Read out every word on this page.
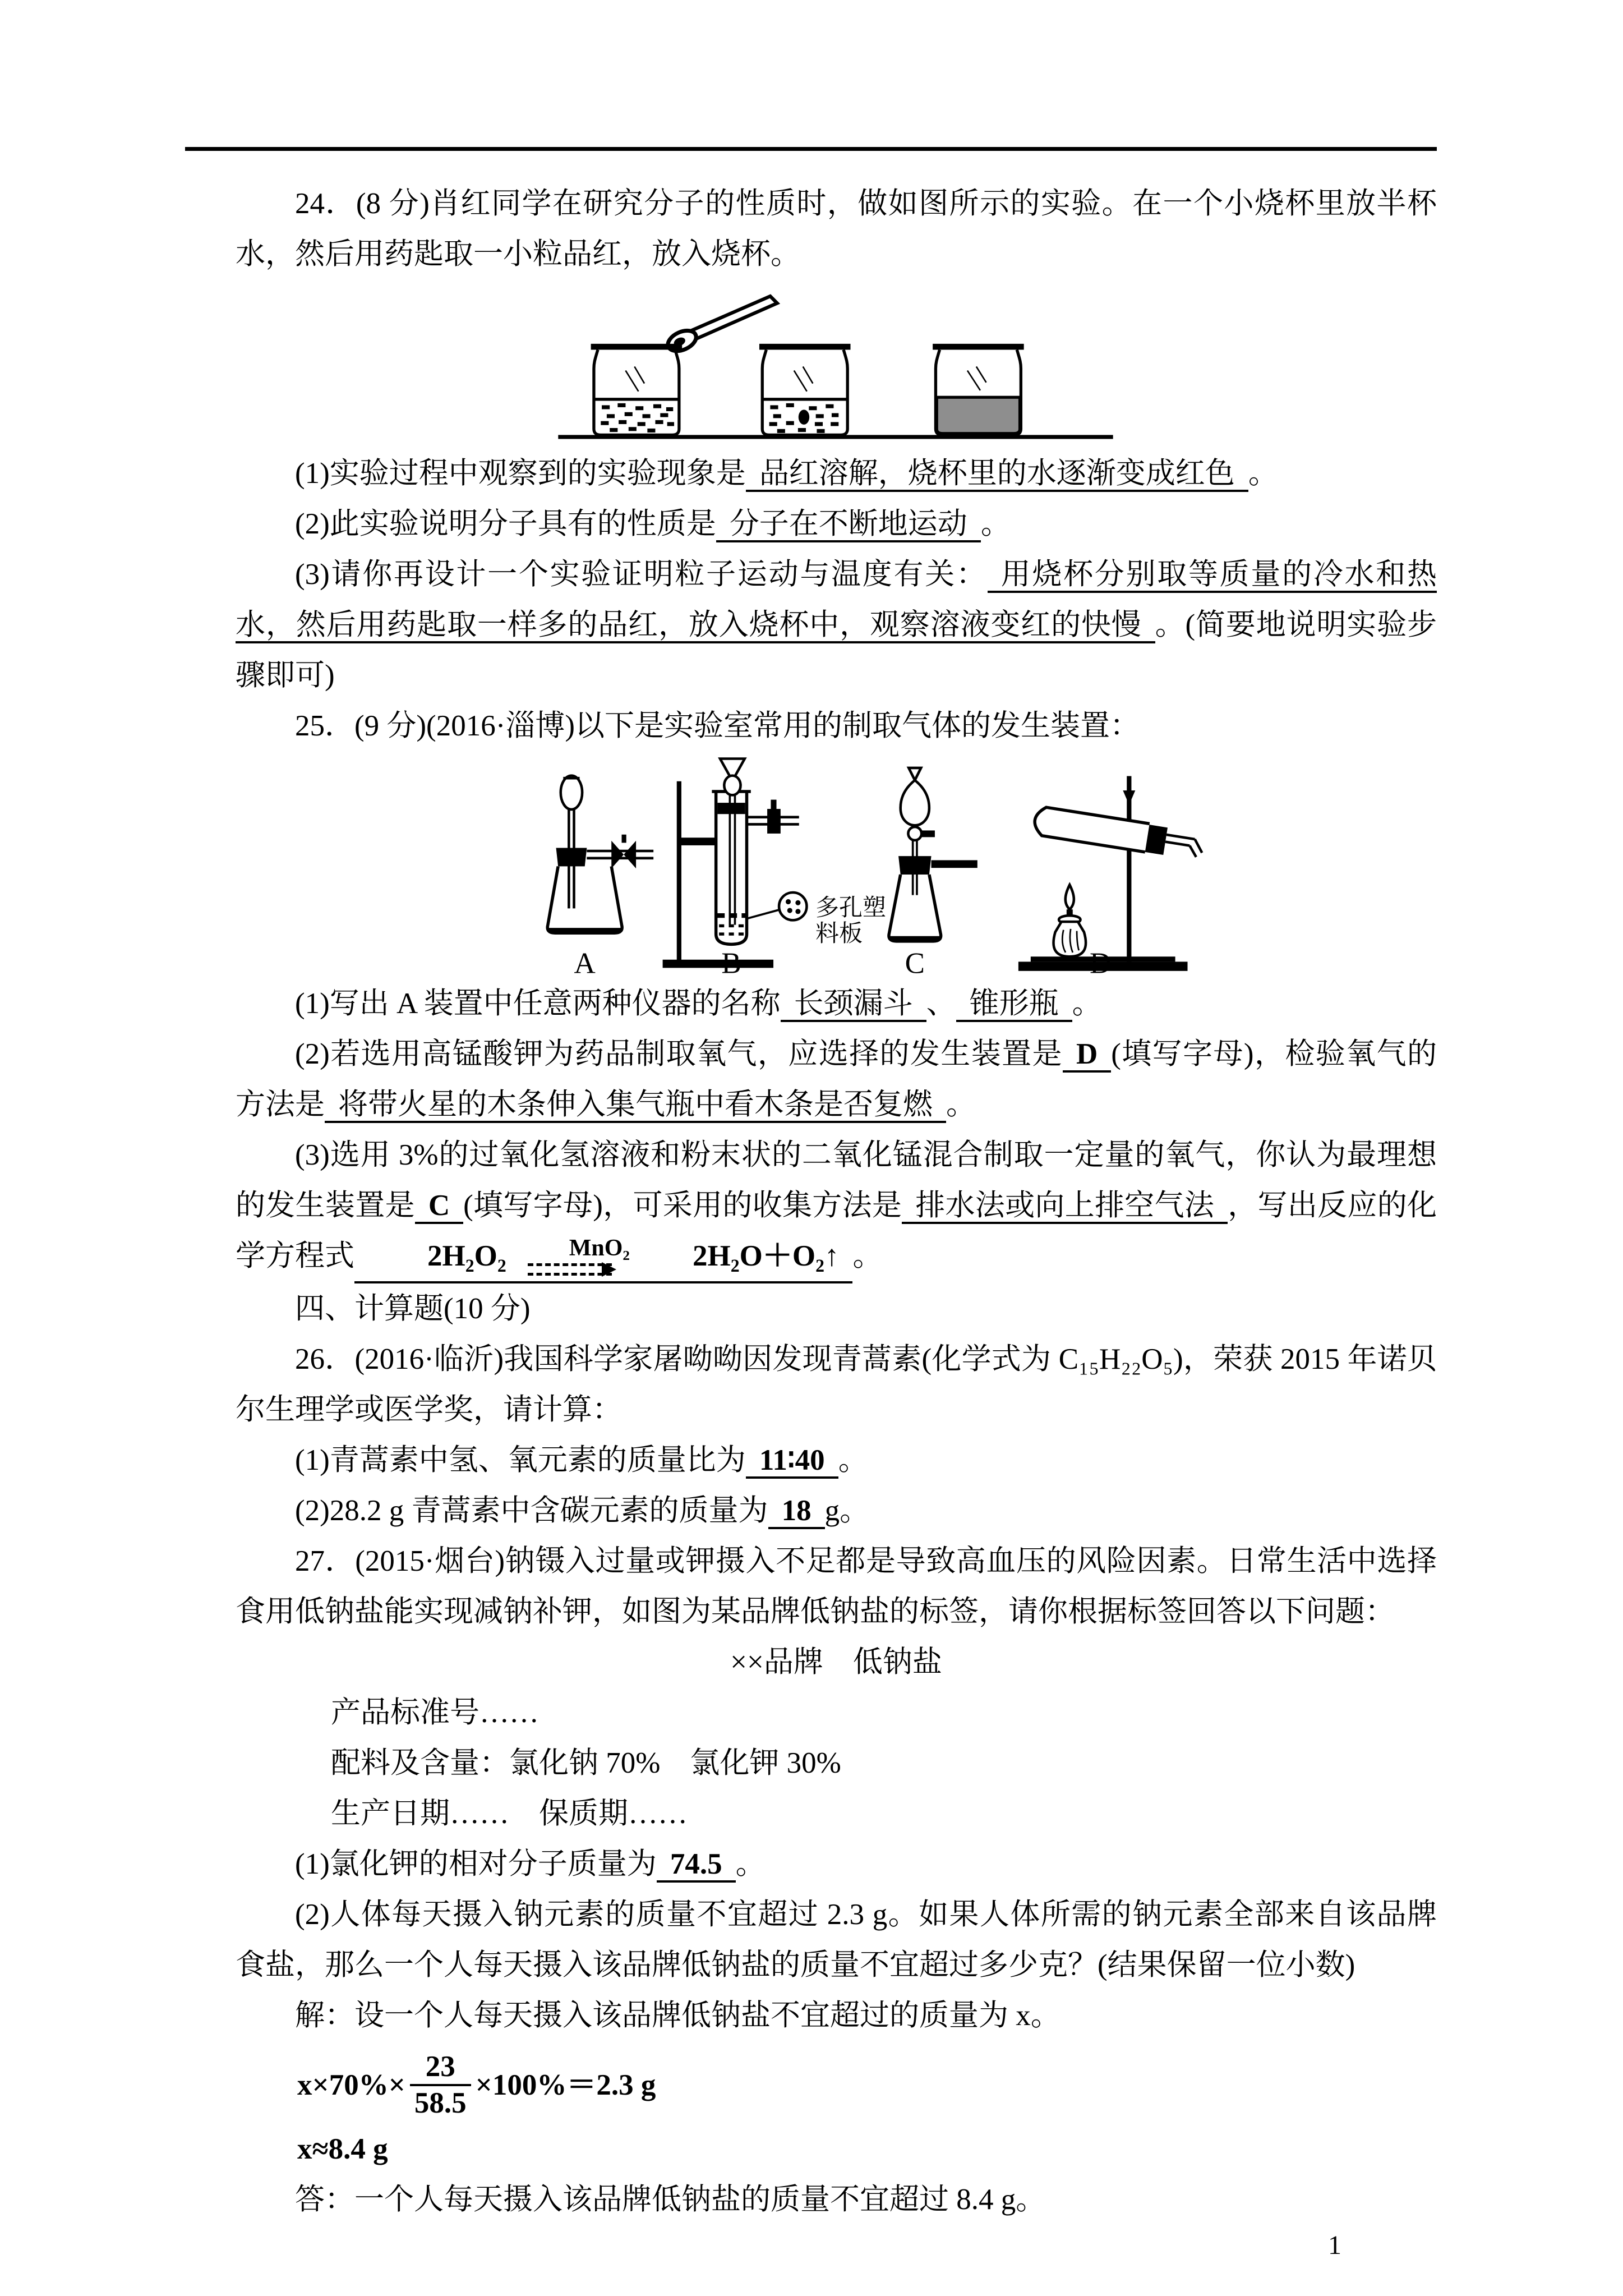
24．(8 分)肖红同学在研究分子的性质时，做如图所示的实验。在一个小烧杯里放半杯水，然后用药匙取一小粒品红，放入烧杯。

(1)实验过程中观察到的实验现象是 品红溶解，烧杯里的水逐渐变成红色 。

(2)此实验说明分子具有的性质是 分子在不断地运动 。

(3)请你再设计一个实验证明粒子运动与温度有关： 用烧杯分别取等质量的冷水和热水，然后用药匙取一样多的品红，放入烧杯中，观察溶液变红的快慢 。(简要地说明实验步骤即可)

25．(9 分)(2016·淄博)以下是实验室常用的制取气体的发生装置：

多孔塑
料板
A	B	C	D

(1)写出 A 装置中任意两种仪器的名称 长颈漏斗 、 锥形瓶 。

(2)若选用高锰酸钾为药品制取氧气，应选择的发生装置是 D (填写字母)，检验氧气的方法是 将带火星的木条伸入集气瓶中看木条是否复燃 。

(3)选用 3%的过氧化氢溶液和粉末状的二氧化锰混合制取一定量的氧气，你认为最理想的发生装置是 C (填写字母)，可采用的收集方法是 排水法或向上排空气法 ，写出反应的化学方程式	2H₂O₂	MnO₂	2H₂O＋O₂↑ 。

四、计算题(10 分)

26．(2016·临沂)我国科学家屠呦呦因发现青蒿素(化学式为 C₁₅H₂₂O₅)，荣获 2015 年诺贝尔生理学或医学奖，请计算：

(1)青蒿素中氢、氧元素的质量比为 11∶40 。

(2)28.2 g 青蒿素中含碳元素的质量为 18 g。

27．(2015·烟台)钠镊入过量或钾摄入不足都是导致高血压的风险因素。日常生活中选择食用低钠盐能实现减钠补钾，如图为某品牌低钠盐的标签，请你根据标签回答以下问题：

××品牌　低钠盐

产品标准号……

配料及含量：氯化钠 70%　氯化钾 30%

生产日期……　保质期……

(1)氯化钾的相对分子质量为 74.5 。

(2)人体每天摄入钠元素的质量不宜超过 2.3 g。如果人体所需的钠元素全部来自该品牌食盐，那么一个人每天摄入该品牌低钠盐的质量不宜超过多少克？(结果保留一位小数)

解：设一个人每天摄入该品牌低钠盐不宜超过的质量为 x。

$x\times 70\%\times \frac{23}{58.5} \times 100\%=2.3$ g

x≈8.4 g

答：一个人每天摄入该品牌低钠盐的质量不宜超过 8.4 g。

1
